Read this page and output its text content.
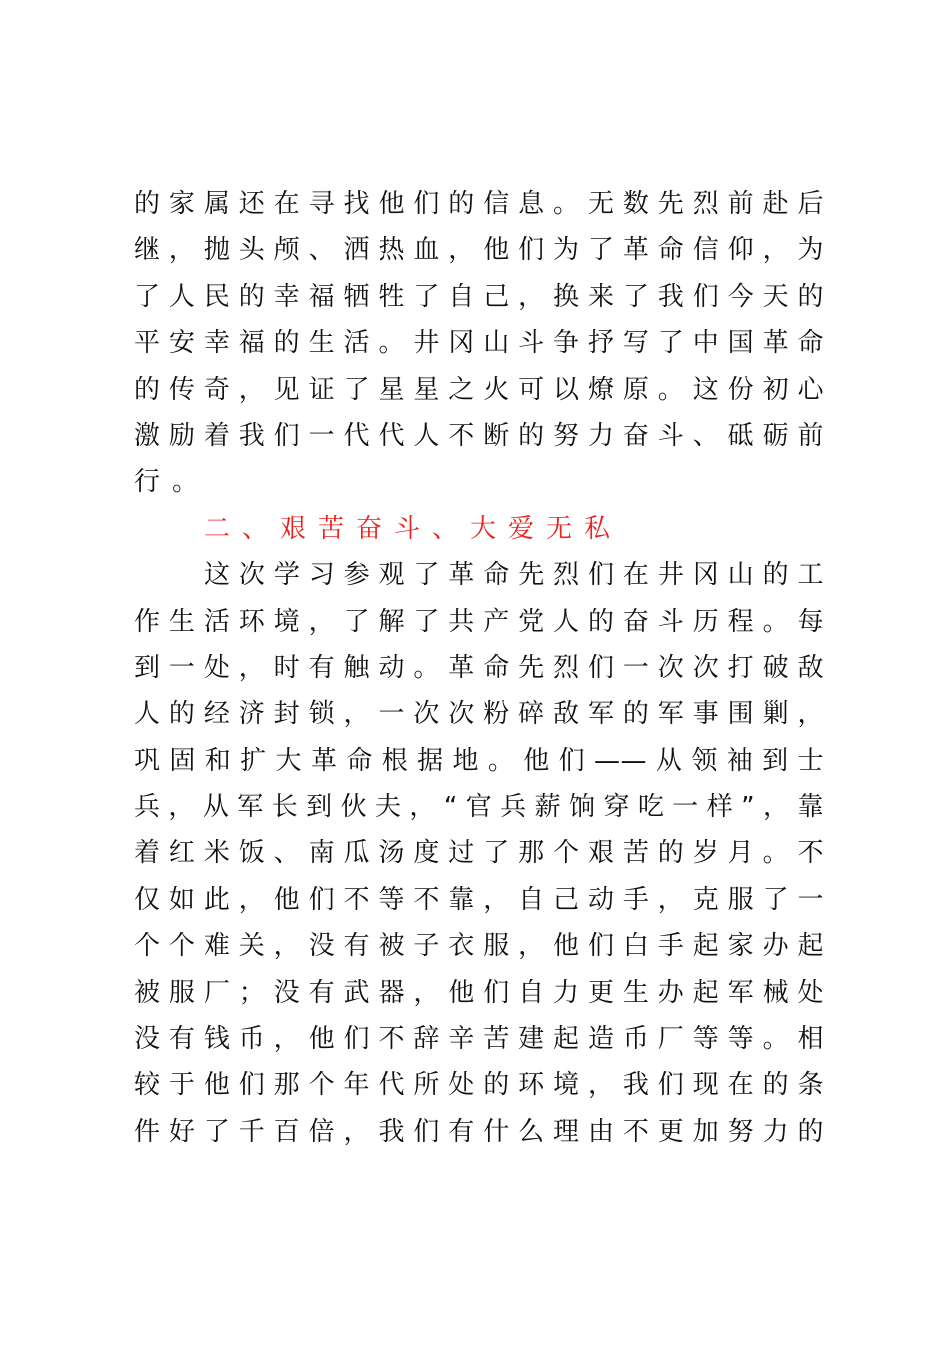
的家属还在寻找他们的信息。无数先烈前赴后
继，抛头颅、洒热血，他们为了革命信仰，为
了人民的幸福牺牲了自己，换来了我们今天的
平安幸福的生活。井冈山斗争抒写了中国革命
的传奇，见证了星星之火可以燎原。这份初心
激励着我们一代代人不断的努力奋斗、砥砺前
行。
二、艰苦奋斗、大爱无私
这次学习参观了革命先烈们在井冈山的工
作生活环境，了解了共产党人的奋斗历程。每
到一处，时有触动。革命先烈们一次次打破敌
人的经济封锁，一次次粉碎敌军的军事围剿，
巩固和扩大革命根据地。他们——从领袖到士
兵，从军长到伙夫，“官兵薪饷穿吃一样”，靠
着红米饭、南瓜汤度过了那个艰苦的岁月。不
仅如此，他们不等不靠，自己动手，克服了一
个个难关，没有被子衣服，他们白手起家办起
被服厂；没有武器，他们自力更生办起军械处
没有钱币，他们不辞辛苦建起造币厂等等。相
较于他们那个年代所处的环境，我们现在的条
件好了千百倍，我们有什么理由不更加努力的
